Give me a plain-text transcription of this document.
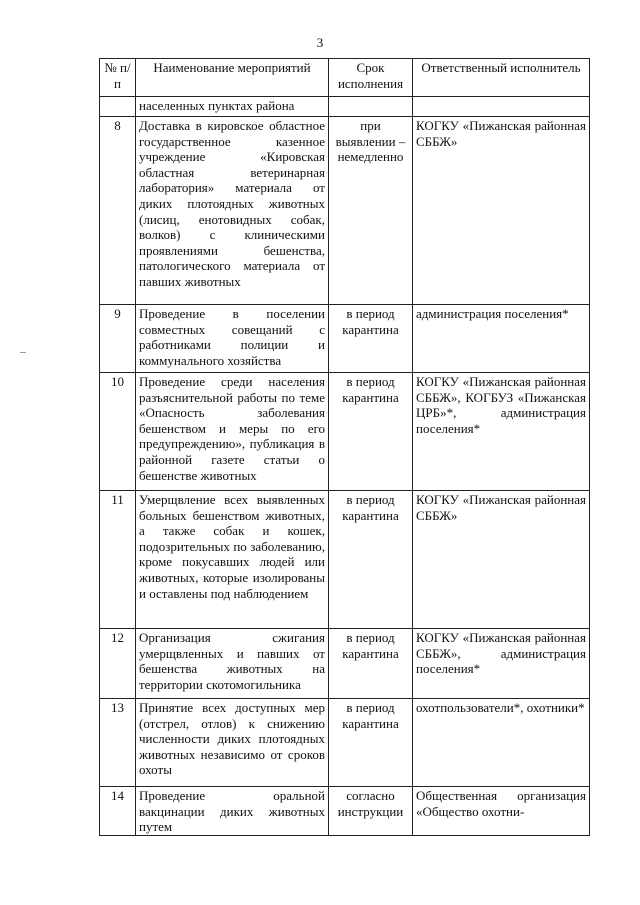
3
№ п/п	Наименование мероприятий	Срок исполнения	Ответственный исполнитель
	населенных пунктах района		
8	Доставка в кировское областное государственное казенное учреждение «Кировская областная ветеринарная лаборатория» материала от диких плотоядных животных (лисиц, енотовидных собак, волков) с клиническими проявлениями бешенства, патологического материала от павших животных	при выявлении – немедленно	КОГКУ «Пижанская районная СББЖ»
9	Проведение в поселении совместных совещаний с работниками полиции и коммунального хозяйства	в период карантина	администрация поселения*
10	Проведение среди населения разъяснительной работы по теме «Опасность заболевания бешенством и меры по его предупреждению», публикация в районной газете статьи о бешенстве животных	в период карантина	КОГКУ «Пижанская районная СББЖ», КОГБУЗ «Пижанская ЦРБ»*, администрация поселения*
11	Умерщвление всех выявленных больных бешенством животных, а также собак и кошек, подозрительных по заболеванию, кроме покусавших людей или животных, которые изолированы и оставлены под наблюдением	в период карантина	КОГКУ «Пижанская районная СББЖ»
12	Организация сжигания умерщвленных и павших от бешенства животных на территории скотомогильника	в период карантина	КОГКУ «Пижанская районная СББЖ», администрация поселения*
13	Принятие всех доступных мер (отстрел, отлов) к снижению численности диких плотоядных животных независимо от сроков охоты	в период карантина	охотпользователи*, охотники*
14	Проведение оральной вакцинации диких животных путем	согласно инструкции	Общественная организация «Общество охотни-
